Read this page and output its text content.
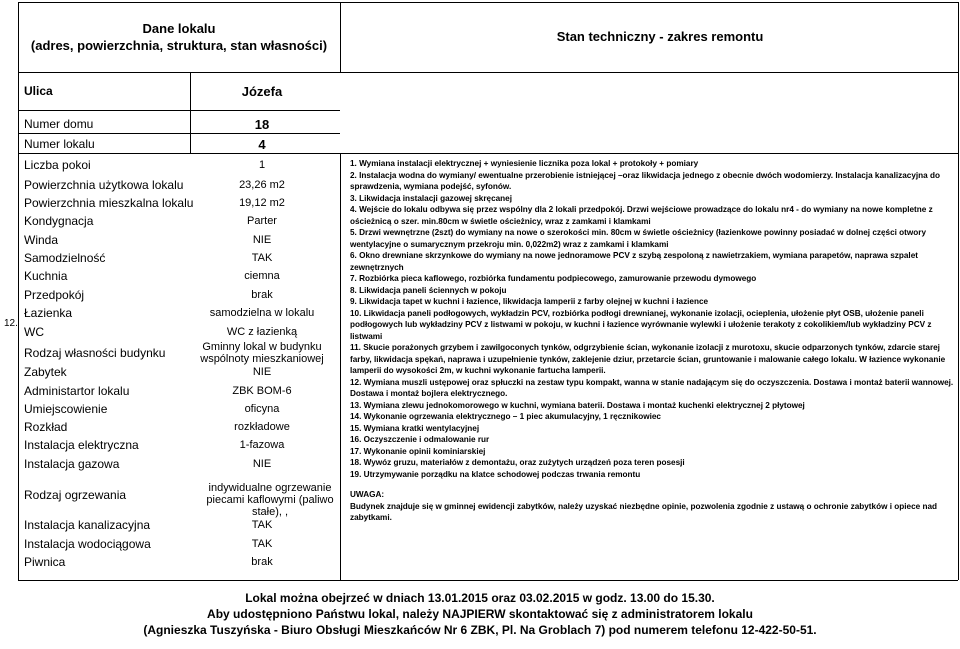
Dane lokalu
(adres, powierzchnia, struktura, stan własności)
Stan techniczny - zakres remontu
Ulica	Józefa
Numer domu	18
Numer lokalu	4
12.
Liczba pokoi	1
Powierzchnia użytkowa lokalu	23,26 m2
Powierzchnia mieszkalna lokalu	19,12 m2
Kondygnacja	Parter
Winda	NIE
Samodzielność	TAK
Kuchnia	ciemna
Przedpokój	brak
Łazienka	samodzielna w lokalu
WC	WC z łazienką
Rodzaj własności budynku	Gminny lokal w budynku wspólnoty mieszkaniowej
Zabytek	NIE
Administartor lokalu	ZBK BOM-6
Umiejscowienie	oficyna
Rozkład	rozkładowe
Instalacja elektryczna	1-fazowa
Instalacja gazowa	NIE
Rodzaj ogrzewania	indywidualne ogrzewanie piecami kaflowymi (paliwo stałe), ,
Instalacja kanalizacyjna	TAK
Instalacja wodociągowa	TAK
Piwnica	brak
1. Wymiana instalacji elektrycznej + wyniesienie licznika poza lokal + protokoły + pomiary
2. Instalacja wodna do wymiany/ ewentualne przerobienie istniejącej –oraz likwidacja jednego z obecnie dwóch wodomierzy. Instalacja kanalizacyjna do sprawdzenia, wymiana podejść, syfonów.
3. Likwidacja instalacji gazowej skręcanej
4. Wejście do lokalu odbywa się przez wspólny dla 2 lokali przedpokój. Drzwi wejściowe prowadzące do lokalu nr4 - do wymiany na nowe kompletne z ościeżnicą o szer. min.80cm w świetle ościeżnicy, wraz z zamkami i klamkami
5. Drzwi wewnętrzne (2szt) do wymiany na nowe o szerokości min. 80cm w świetle ościeżnicy (łazienkowe powinny posiadać w dolnej części otwory wentylacyjne o sumarycznym przekroju min. 0,022m2) wraz z zamkami i klamkami
6. Okno drewniane skrzynkowe do wymiany na nowe jednoramowe PCV z szybą zespoloną z nawietrzakiem, wymiana parapetów, naprawa szpalet zewnętrznych
7. Rozbiórka pieca kaflowego, rozbiórka fundamentu podpiecowego, zamurowanie przewodu dymowego
8. Likwidacja paneli ściennych w pokoju
9. Likwidacja tapet w kuchni i łazience, likwidacja lamperii z farby olejnej w kuchni i łazience
10. Likwidacja paneli podłogowych, wykładzin PCV, rozbiórka podłogi drewnianej, wykonanie izolacji, ocieplenia, ułożenie płyt OSB, ułożenie paneli podłogowych lub wykładziny PCV z listwami w pokoju, w kuchni i łazience wyrównanie wylewki i ułożenie terakoty z cokolikiem/lub wykładziny PCV z listwami
11. Skucie porażonych grzybem i zawilgoconych tynków, odgrzybienie ścian, wykonanie izolacji z murotoxu, skucie odparzonych tynków, zdarcie starej farby, likwidacja spękań, naprawa i uzupełnienie tynków, zaklejenie dziur, przetarcie ścian, gruntowanie i malowanie całego lokalu. W łazience wykonanie lamperii do wysokości 2m, w kuchni wykonanie fartucha lamperii.
12. Wymiana muszli ustępowej oraz spłuczki na zestaw typu kompakt, wanna w stanie nadającym się do oczyszczenia. Dostawa i montaż baterii wannowej. Dostawa i montaż bojlera elektrycznego.
13. Wymiana zlewu jednokomorowego w kuchni, wymiana baterii. Dostawa i montaż kuchenki elektrycznej 2 płytowej
14. Wykonanie ogrzewania elektrycznego – 1 piec akumulacyjny, 1 ręcznikowiec
15. Wymiana kratki wentylacyjnej
16. Oczyszczenie i odmalowanie rur
17. Wykonanie opinii kominiarskiej
18. Wywóz gruzu, materiałów z demontażu, oraz zużytych urządzeń poza teren posesji
19. Utrzymywanie porządku na klatce schodowej podczas trwania remontu
UWAGA:
Budynek znajduje się w gminnej ewidencji zabytków, należy uzyskać niezbędne opinie, pozwolenia zgodnie z ustawą o ochronie zabytków i opiece nad zabytkami.
Lokal można obejrzeć w dniach 13.01.2015 oraz 03.02.2015 w godz. 13.00 do 15.30.
Aby udostępniono Państwu lokal, należy NAJPIERW skontaktować się z administratorem lokalu
(Agnieszka Tuszyńska - Biuro Obsługi Mieszkańców Nr 6 ZBK, Pl. Na Groblach 7) pod numerem telefonu 12-422-50-51.
